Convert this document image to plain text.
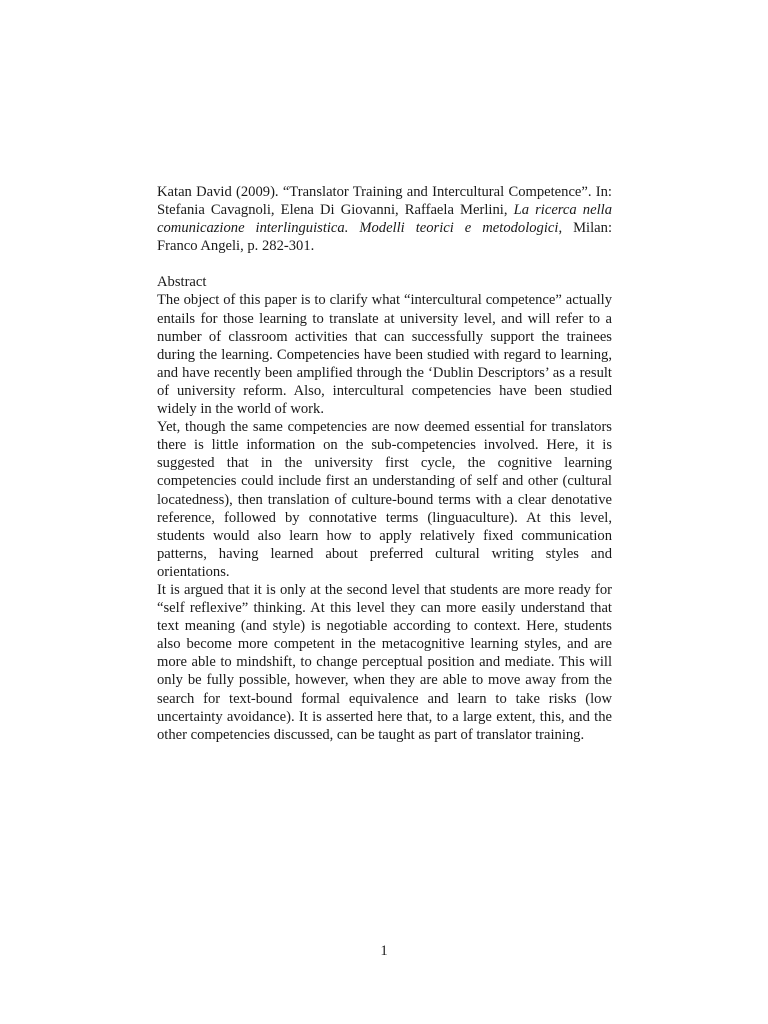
Katan David (2009). “Translator Training and Intercultural Competence”. In: Stefania Cavagnoli, Elena Di Giovanni, Raffaela Merlini, La ricerca nella comunicazione interlinguistica. Modelli teorici e metodologici, Milan: Franco Angeli, p. 282-301.

Abstract

The object of this paper is to clarify what “intercultural competence” actually entails for those learning to translate at university level, and will refer to a number of classroom activities that can successfully support the trainees during the learning. Competencies have been studied with regard to learning, and have recently been amplified through the ‘Dublin Descriptors’ as a result of university reform. Also, intercultural competencies have been studied widely in the world of work.

Yet, though the same competencies are now deemed essential for translators there is little information on the sub-competencies involved. Here, it is suggested that in the university first cycle, the cognitive learning competencies could include first an understanding of self and other (cultural locatedness), then translation of culture-bound terms with a clear denotative reference, followed by connotative terms (linguaculture). At this level, students would also learn how to apply relatively fixed communication patterns, having learned about preferred cultural writing styles and orientations.

It is argued that it is only at the second level that students are more ready for “self reflexive” thinking. At this level they can more easily understand that text meaning (and style) is negotiable according to context. Here, students also become more competent in the metacognitive learning styles, and are more able to mindshift, to change perceptual position and mediate. This will only be fully possible, however, when they are able to move away from the search for text-bound formal equivalence and learn to take risks (low uncertainty avoidance). It is asserted here that, to a large extent, this, and the other competencies discussed, can be taught as part of translator training.

1
